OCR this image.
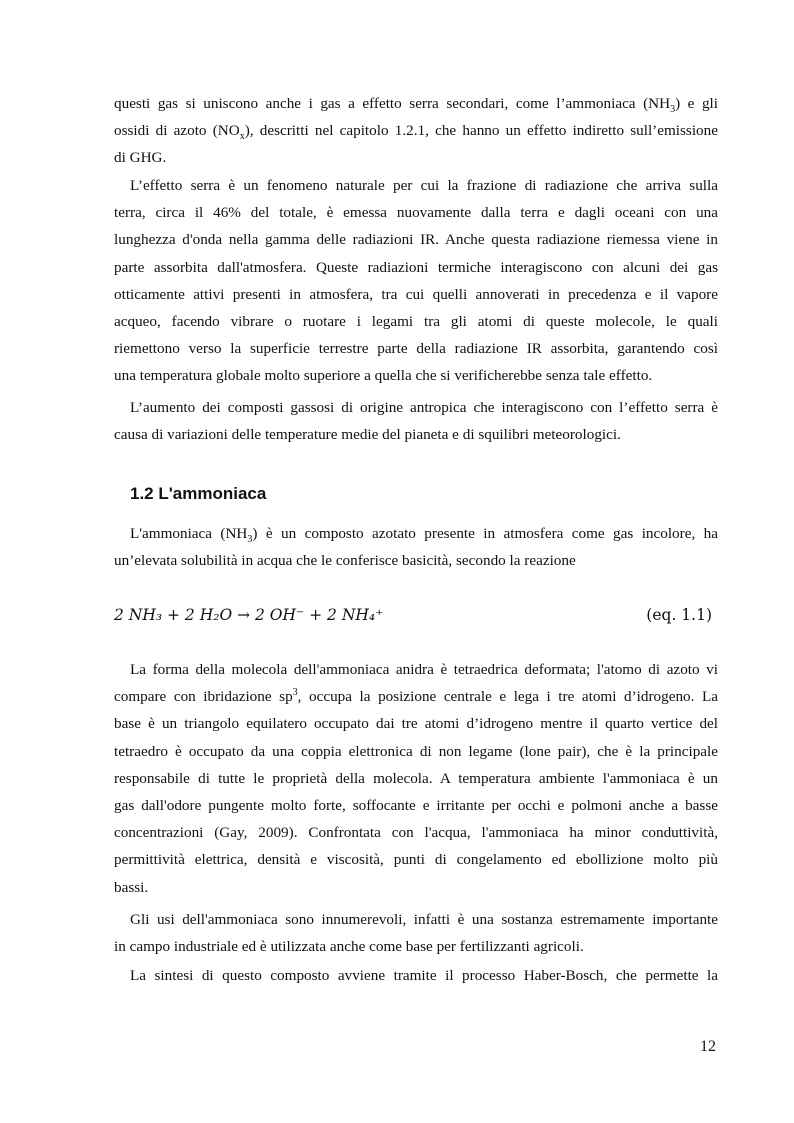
questi gas si uniscono anche i gas a effetto serra secondari, come l’ammoniaca $(NH_3)$ e gli
ossidi di azoto $(NO_x)$, descritti nel capitolo 1.2.1, che hanno un effetto indiretto sull’emissione
di GHG.
L’effetto serra è un fenomeno naturale per cui la frazione di radiazione che arriva sulla
terra, circa il 46% del totale, è emessa nuovamente dalla terra e dagli oceani con una
lunghezza d'onda nella gamma delle radiazioni IR. Anche questa radiazione riemessa viene in
parte assorbita dall'atmosfera. Queste radiazioni termiche interagiscono con alcuni dei gas
otticamente attivi presenti in atmosfera, tra cui quelli annoverati in precedenza e il vapore
acqueo, facendo vibrare o ruotare i legami tra gli atomi di queste molecole, le quali
riemettono verso la superficie terrestre parte della radiazione IR assorbita, garantendo così
una temperatura globale molto superiore a quella che si verificherebbe senza tale effetto.
L’aumento dei composti gassosi di origine antropica che interagiscono con l’effetto serra è
causa di variazioni delle temperature medie del pianeta e di squilibri meteorologici.
1.2 L'ammoniaca
L'ammoniaca $(NH_3)$ è un composto azotato presente in atmosfera come gas incolore, ha
un’elevata solubilità in acqua che le conferisce basicità, secondo la reazione
2 NH₃ + 2 H₂O → 2 OH⁻ + 2 NH₄⁺	(eq. 1.1)
La forma della molecola dell'ammoniaca anidra è tetraedrica deformata; l'atomo di azoto vi
compare con ibridazione $sp^3$, occupa la posizione centrale e lega i tre atomi d’idrogeno. La
base è un triangolo equilatero occupato dai tre atomi d’idrogeno mentre il quarto vertice del
tetraedro è occupato da una coppia elettronica di non legame (lone pair), che è la principale
responsabile di tutte le proprietà della molecola. A temperatura ambiente l'ammoniaca è un
gas dall'odore pungente molto forte, soffocante e irritante per occhi e polmoni anche a basse
concentrazioni (Gay, 2009). Confrontata con l'acqua, l'ammoniaca ha minor conduttività,
permittività elettrica, densità e viscosità, punti di congelamento ed ebollizione molto più
bassi.
Gli usi dell'ammoniaca sono innumerevoli, infatti è una sostanza estremamente importante
in campo industriale ed è utilizzata anche come base per fertilizzanti agricoli.
La sintesi di questo composto avviene tramite il processo Haber-Bosch, che permette la
12
